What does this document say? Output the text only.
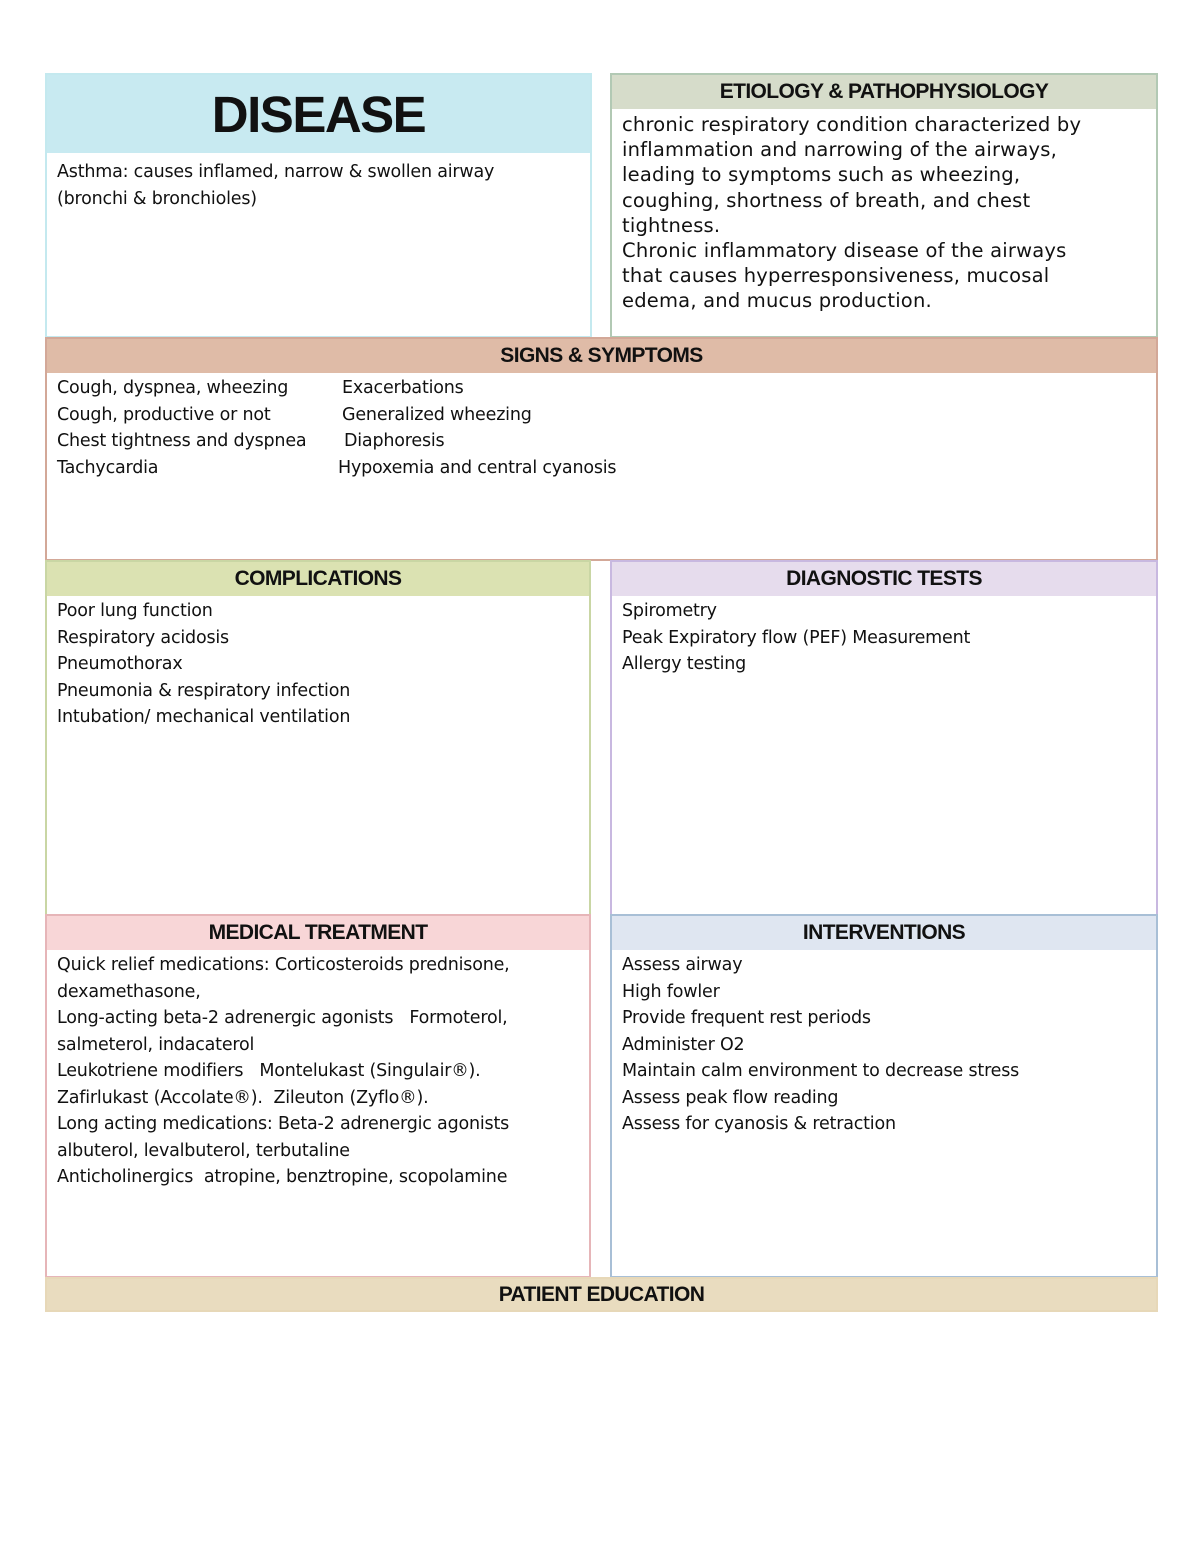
DISEASE
Asthma: causes inflamed, narrow & swollen airway
(bronchi & bronchioles)
ETIOLOGY & PATHOPHYSIOLOGY
chronic respiratory condition characterized by
inflammation and narrowing of the airways,
leading to symptoms such as wheezing,
coughing, shortness of breath, and chest
tightness.
Chronic inflammatory disease of the airways
that causes hyperresponsiveness, mucosal
edema, and mucus production.
SIGNS & SYMPTOMS
Cough, dyspnea, wheezing	Exacerbations
Cough, productive or not	Generalized wheezing
Chest tightness and dyspnea	Diaphoresis
Tachycardia	Hypoxemia and central cyanosis
COMPLICATIONS
Poor lung function
Respiratory acidosis
Pneumothorax
Pneumonia & respiratory infection
Intubation/ mechanical ventilation
DIAGNOSTIC TESTS
Spirometry
Peak Expiratory flow (PEF) Measurement
Allergy testing
MEDICAL TREATMENT
Quick relief medications: Corticosteroids prednisone,
dexamethasone,
Long-acting beta-2 adrenergic agonists   Formoterol,
salmeterol, indacaterol
Leukotriene modifiers   Montelukast (Singulair®).
Zafirlukast (Accolate®).  Zileuton (Zyflo®).
Long acting medications: Beta-2 adrenergic agonists
albuterol, levalbuterol, terbutaline
Anticholinergics  atropine, benztropine, scopolamine
INTERVENTIONS
Assess airway
High fowler
Provide frequent rest periods
Administer O2
Maintain calm environment to decrease stress
Assess peak flow reading
Assess for cyanosis & retraction
PATIENT EDUCATION
